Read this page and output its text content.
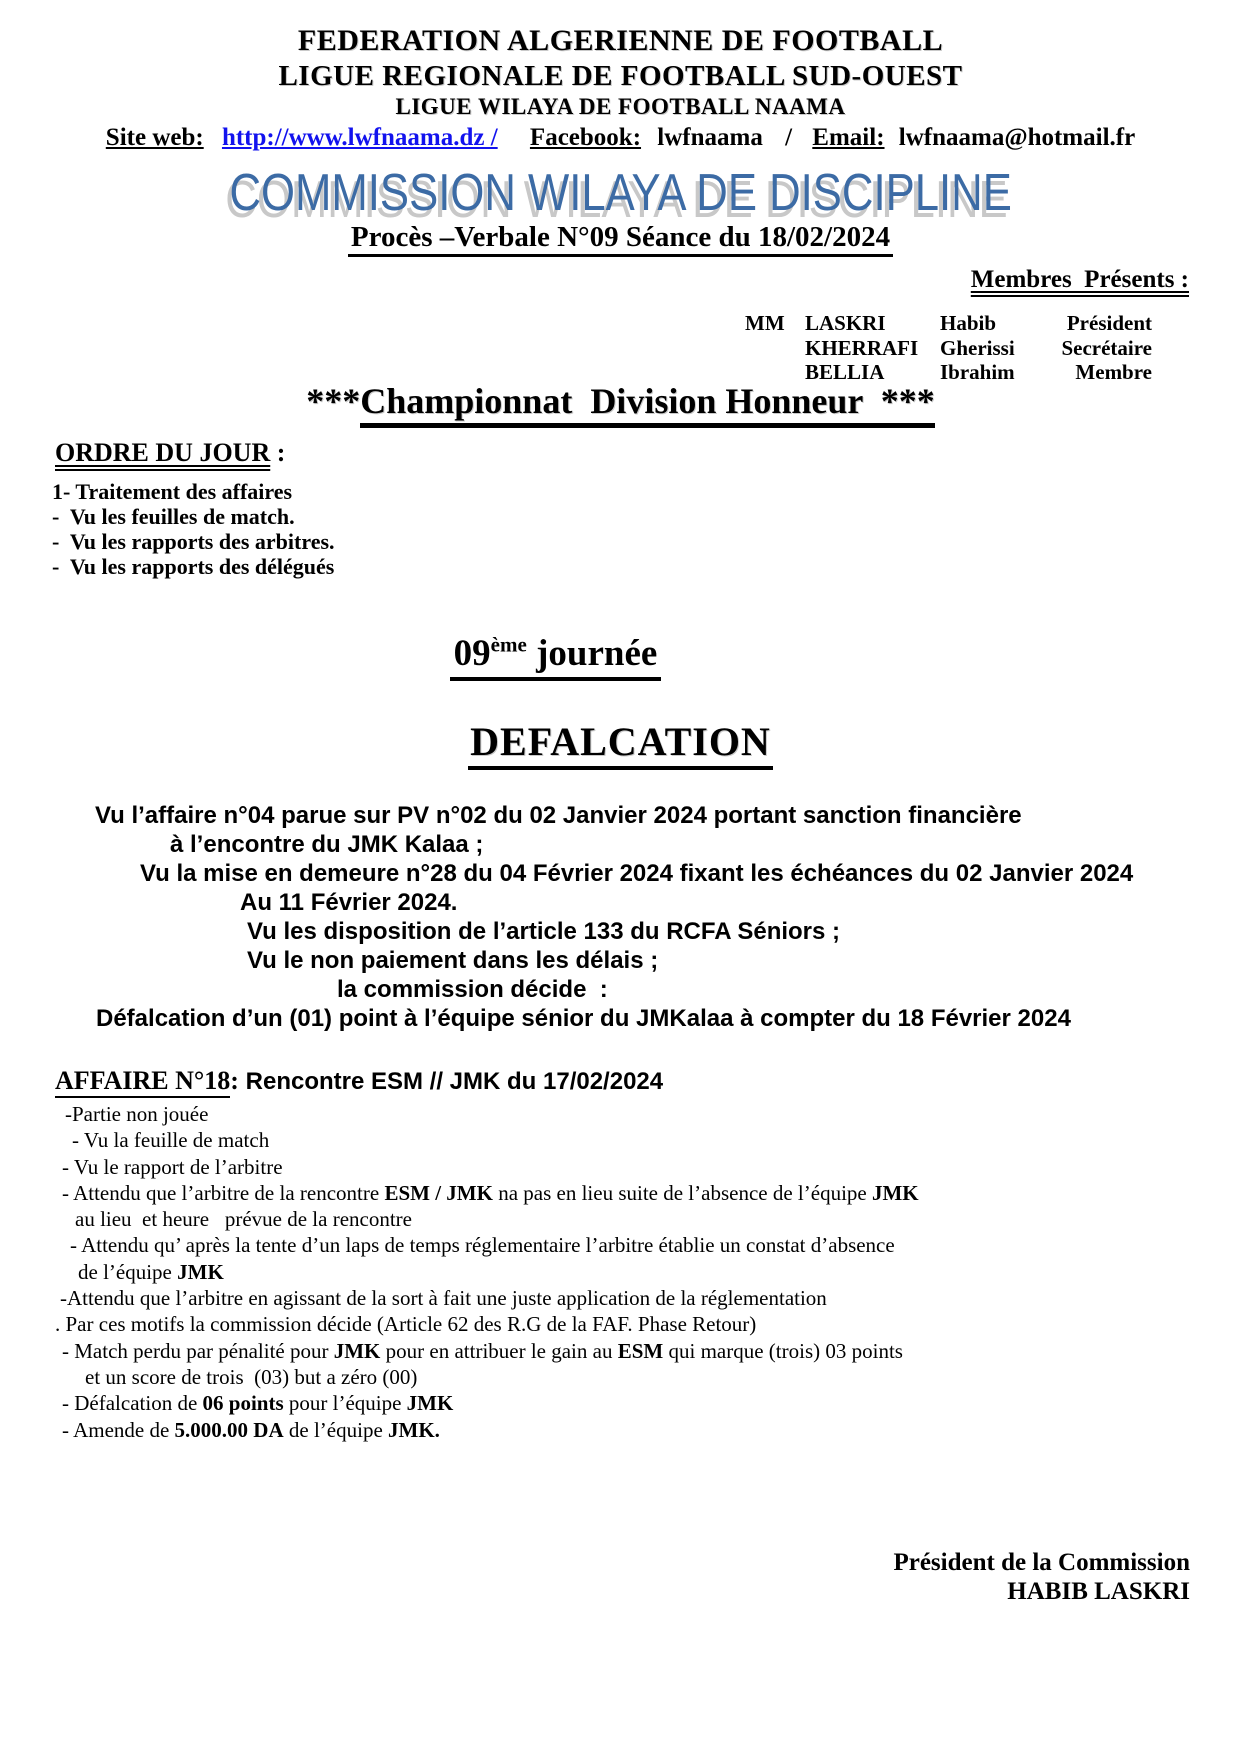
FEDERATION ALGERIENNE DE FOOTBALL
LIGUE REGIONALE DE FOOTBALL SUD-OUEST
LIGUE WILAYA DE FOOTBALL NAAMA
Site web: http://www.lwfnaama.dz / Facebook: lwfnaama / Email: lwfnaama@hotmail.fr
COMMISSION WILAYA DE DISCIPLINE
Procès –Verbale N°09 Séance du 18/02/2024
Membres  Présents :
MM LASKRI	Habib	Président
KHERRAFI	Gherissi	Secrétaire
BELLIA	Ibrahim	Membre
***Championnat  Division Honneur  ***
ORDRE DU JOUR :
1- Traitement des affaires
-  Vu les feuilles de match.
-  Vu les rapports des arbitres.
-  Vu les rapports des délégués
09ème journée
DEFALCATION
Vu l’affaire n°04 parue sur PV n°02 du 02 Janvier 2024 portant sanction financière
à l’encontre du JMK Kalaa ;
Vu la mise en demeure n°28 du 04 Février 2024 fixant les échéances du 02 Janvier 2024
Au 11 Février 2024.
Vu les disposition de l’article 133 du RCFA Séniors ;
Vu le non paiement dans les délais ;
la commission décide  :
Défalcation d’un (01) point à l’équipe sénior du JMKalaa à compter du 18 Février 2024
AFFAIRE N°18: Rencontre ESM // JMK du 17/02/2024
-Partie non jouée
- Vu la feuille de match
- Vu le rapport de l’arbitre
- Attendu que l’arbitre de la rencontre ESM / JMK na pas en lieu suite de l’absence de l’équipe JMK
au lieu  et heure   prévue de la rencontre
- Attendu qu’ après la tente d’un laps de temps réglementaire l’arbitre établie un constat d’absence
de l’équipe JMK
-Attendu que l’arbitre en agissant de la sort à fait une juste application de la réglementation
. Par ces motifs la commission décide (Article 62 des R.G de la FAF. Phase Retour)
- Match perdu par pénalité pour JMK pour en attribuer le gain au ESM qui marque (trois) 03 points
et un score de trois  (03) but a zéro (00)
- Défalcation de 06 points pour l’équipe JMK
- Amende de 5.000.00 DA de l’équipe JMK.
Président de la Commission
HABIB LASKRI
